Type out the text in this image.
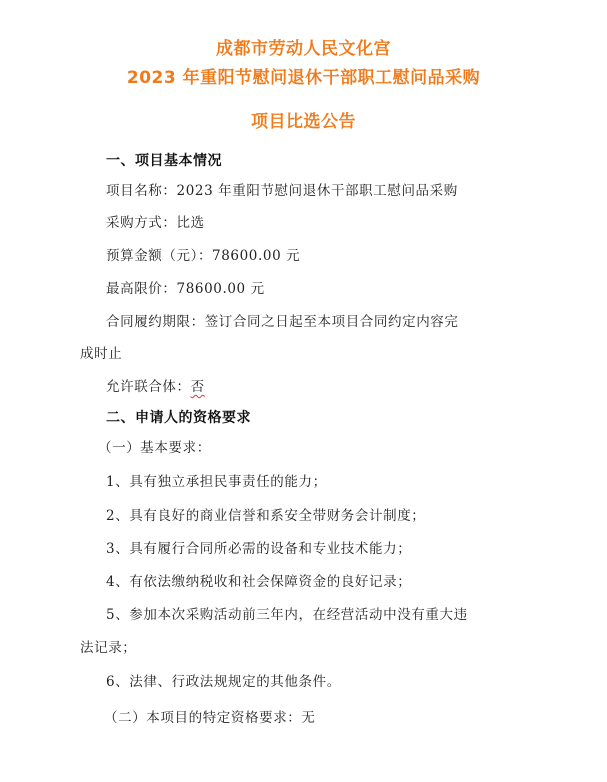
成都市劳动人民文化宫
2023 年重阳节慰问退休干部职工慰问品采购
项目比选公告
一、项目基本情况
项目名称：2023 年重阳节慰问退休干部职工慰问品采购
采购方式：比选
预算金额（元）：78600.00 元
最高限价：78600.00 元
合同履约期限：签订合同之日起至本项目合同约定内容完
成时止
允许联合体：否
二、申请人的资格要求
（一）基本要求：
1、具有独立承担民事责任的能力；
2、具有良好的商业信誉和系安全带财务会计制度；
3、具有履行合同所必需的设备和专业技术能力；
4、有依法缴纳税收和社会保障资金的良好记录；
5、参加本次采购活动前三年内，在经营活动中没有重大违
法记录；
6、法律、行政法规规定的其他条件。
（二）本项目的特定资格要求：无
